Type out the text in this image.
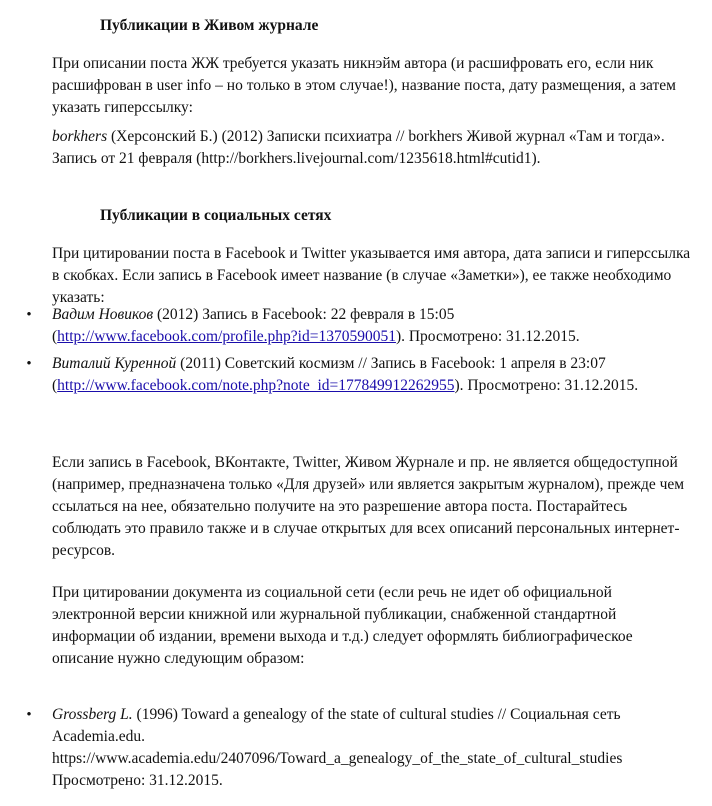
Публикации в Живом журнале

При описании поста ЖЖ требуется указать никнэйм автора (и расшифровать его, если ник расшифрован в user info – но только в этом случае!), название поста, дату размещения, а затем указать гиперссылку:

borkhers (Херсонский Б.) (2012) Записки психиатра // borkhers Живой журнал «Там и тогда». Запись от 21 февраля (http://borkhers.livejournal.com/1235618.html#cutid1).

Публикации в социальных сетях

При цитировании поста в Facebook и Twitter указывается имя автора, дата записи и гиперссылка в скобках. Если запись в Facebook имеет название (в случае «Заметки»), ее также необходимо указать:

• Вадим Новиков (2012) Запись в Facebook: 22 февраля в 15:05 (http://www.facebook.com/profile.php?id=1370590051). Просмотрено: 31.12.2015.

• Виталий Куренной (2011) Советский космизм // Запись в Facebook: 1 апреля в 23:07 (http://www.facebook.com/note.php?note_id=177849912262955). Просмотрено: 31.12.2015.

Если запись в Facebook, ВКонтакте, Twitter, Живом Журнале и пр. не является общедоступной (например, предназначена только «Для друзей» или является закрытым журналом), прежде чем ссылаться на нее, обязательно получите на это разрешение автора поста. Постарайтесь соблюдать это правило также и в случае открытых для всех описаний персональных интернет-ресурсов.

При цитировании документа из социальной сети (если речь не идет об официальной электронной версии книжной или журнальной публикации, снабженной стандартной информации об издании, времени выхода и т.д.) следует оформлять библиографическое описание нужно следующим образом:

• Grossberg L. (1996) Toward a genealogy of the state of cultural studies // Социальная сеть Academia.edu.
https://www.academia.edu/2407096/Toward_a_genealogy_of_the_state_of_cultural_studies
Просмотрено: 31.12.2015.
